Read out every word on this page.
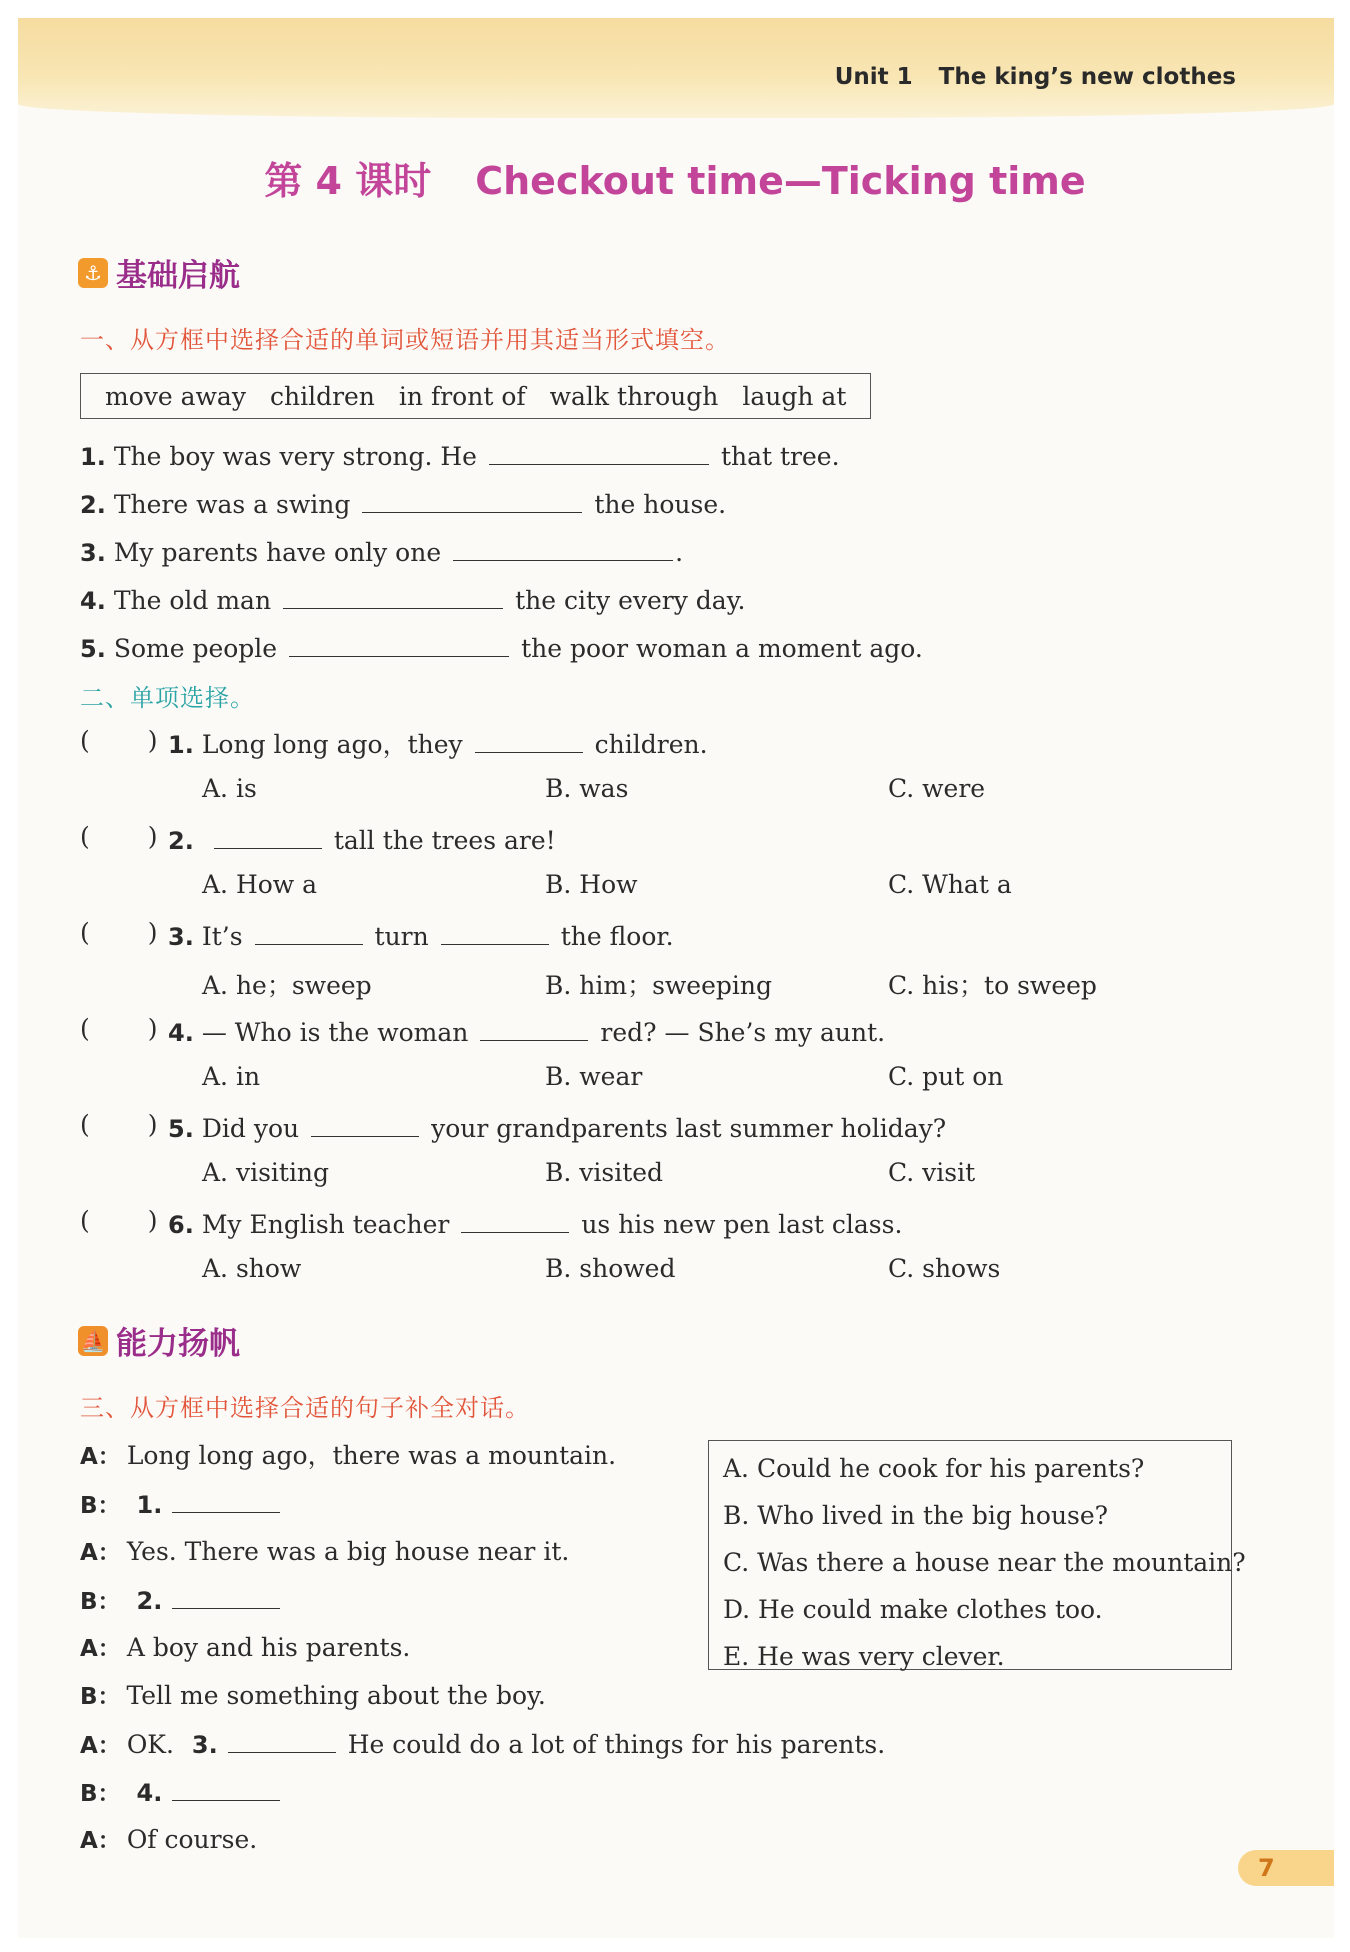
Unit 1 The king’s new clothes
第 4 课时 Checkout time—Ticking time
⚓ 基础启航
一、从方框中选择合适的单词或短语并用其适当形式填空。
move away children in front of walk through laugh at
1. The boy was very strong. He	that tree.
2. There was a swing	the house.
3. My parents have only one	.
4. The old man	the city every day.
5. Some people	the poor woman a moment ago.
二、单项选择。
( ) 1. Long long ago，they	children.
A. is	B. was	C. were
( ) 2.	tall the trees are!
A. How a	B. How	C. What a
( ) 3. It’s	turn	the floor.
A. he；sweep	B. him；sweeping	C. his；to sweep
( ) 4. — Who is the woman	red? — She’s my aunt.
A. in	B. wear	C. put on
( ) 5. Did you	your grandparents last summer holiday?
A. visiting	B. visited	C. visit
( ) 6. My English teacher	us his new pen last class.
A. show	B. showed	C. shows
⛵ 能力扬帆
三、从方框中选择合适的句子补全对话。
A： Long long ago，there was a mountain.
B： 1.
A： Yes. There was a big house near it.
B： 2.
A： A boy and his parents.
B： Tell me something about the boy.
A： OK. 3.	He could do a lot of things for his parents.
B： 4.
A： Of course.
A. Could he cook for his parents?
B. Who lived in the big house?
C. Was there a house near the mountain?
D. He could make clothes too.
E. He was very clever.
7
